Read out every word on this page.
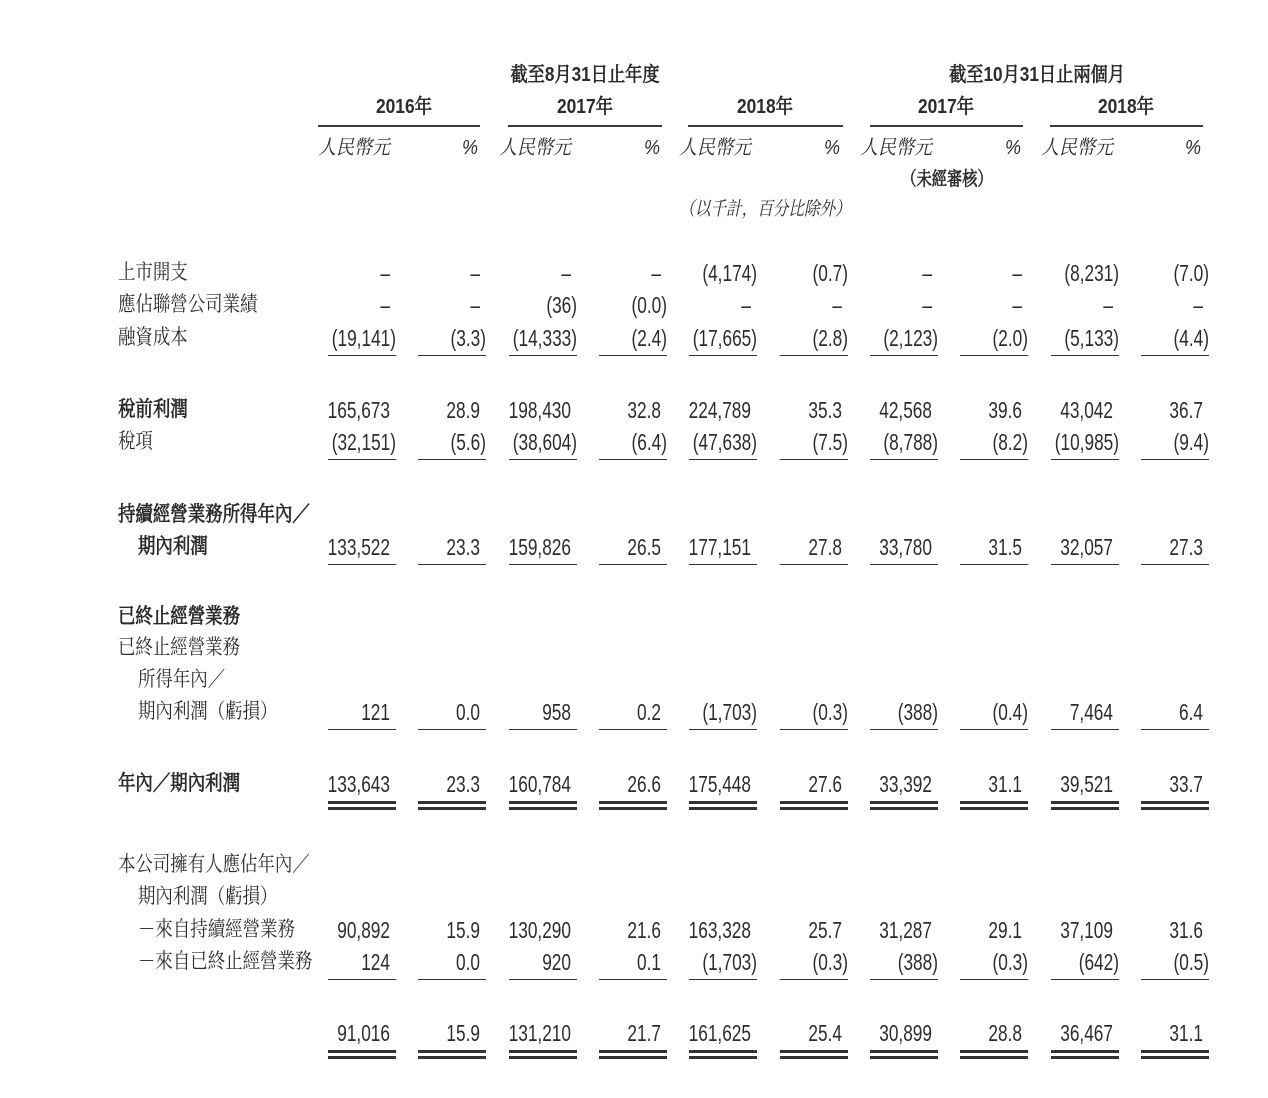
截至8月31日止年度	截至10月31日止兩個月
2016年	2017年	2018年	2017年	2018年
人民幣元	%	人民幣元	% 人民幣元	%	人民幣元	%	人民幣元	%
（未經審核）
（以千計，百分比除外）
上市開支	–	–	–	–	(4,174)	(0.7)	–	–	(8,231)	(7.0)
應佔聯營公司業績	–	–	(36)	(0.0)	–	–	–	–	–	–
融資成本	(19,141)	(3.3)	(14,333)	(2.4)	(17,665)	(2.8)	(2,123)	(2.0)	(5,133)	(4.4)
稅前利潤	165,673	28.9 198,430	32.8 224,789	35.3	42,568	39.6	43,042	36.7
稅項	(32,151)	(5.6)	(38,604)	(6.4)	(47,638)	(7.5)	(8,788)	(8.2)	(10,985)	(9.4)
持續經營業務所得年內／
期內利潤	133,522	23.3 159,826	26.5 177,151	27.8	33,780	31.5	32,057	27.3
已終止經營業務
已終止經營業務
所得年內／
期內利潤（虧損）	121	0.0	958	0.2	(1,703)	(0.3)	(388)	(0.4)	7,464	6.4
年內／期內利潤	133,643	23.3 160,784	26.6 175,448	27.6	33,392	31.1	39,521	33.7
本公司擁有人應佔年內／
期內利潤（虧損）
－來自持續經營業務	90,892	15.9 130,290	21.6 163,328	25.7	31,287	29.1	37,109	31.6
－來自已終止經營業務	124	0.0	920	0.1	(1,703)	(0.3)	(388)	(0.3)	(642)	(0.5)
91,016	15.9 131,210	21.7 161,625	25.4	30,899	28.8	36,467	31.1
